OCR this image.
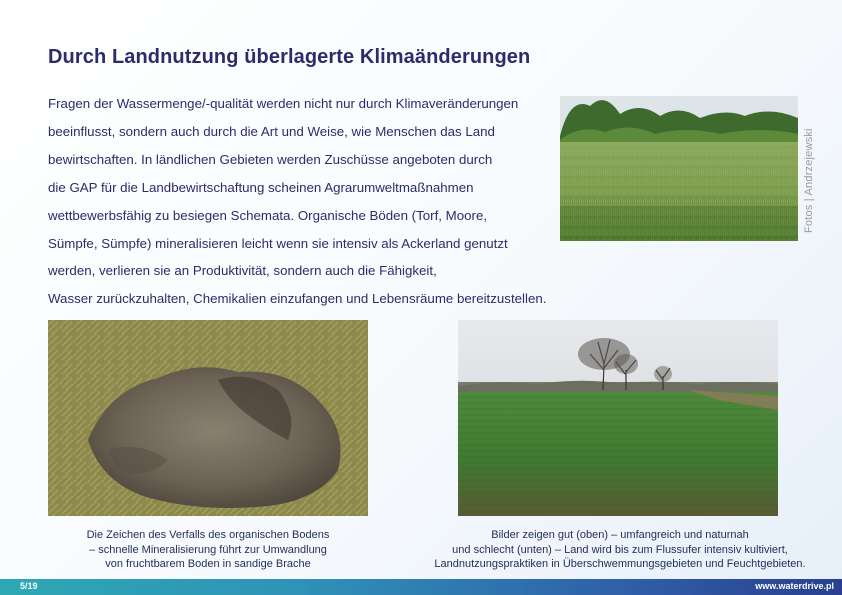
Durch Landnutzung überlagerte Klimaänderungen

Fragen der Wassermenge/-qualität werden nicht nur durch Klimaveränderungen
beeinflusst, sondern auch durch die Art und Weise, wie Menschen das Land
bewirtschaften. In ländlichen Gebieten werden Zuschüsse angeboten durch
die GAP für die Landbewirtschaftung scheinen Agrarumweltmaßnahmen
wettbewerbsfähig zu besiegen Schemata. Organische Böden (Torf, Moore,
Sümpfe, Sümpfe) mineralisieren leicht wenn sie intensiv als Ackerland genutzt
werden, verlieren sie an Produktivität, sondern auch die Fähigkeit,
Wasser zurückzuhalten, Chemikalien einzufangen und Lebensräume bereitzustellen.

Fotos | Andrzejewski

Die Zeichen des Verfalls des organischen Bodens
– schnelle Mineralisierung führt zur Umwandlung
von fruchtbarem Boden in sandige Brache

Bilder zeigen gut (oben) – umfangreich und naturnah
und schlecht (unten) – Land wird bis zum Flussufer intensiv kultiviert,
Landnutzungspraktiken in Überschwemmungsgebieten und Feuchtgebieten.

5/19	www.waterdrive.pl
